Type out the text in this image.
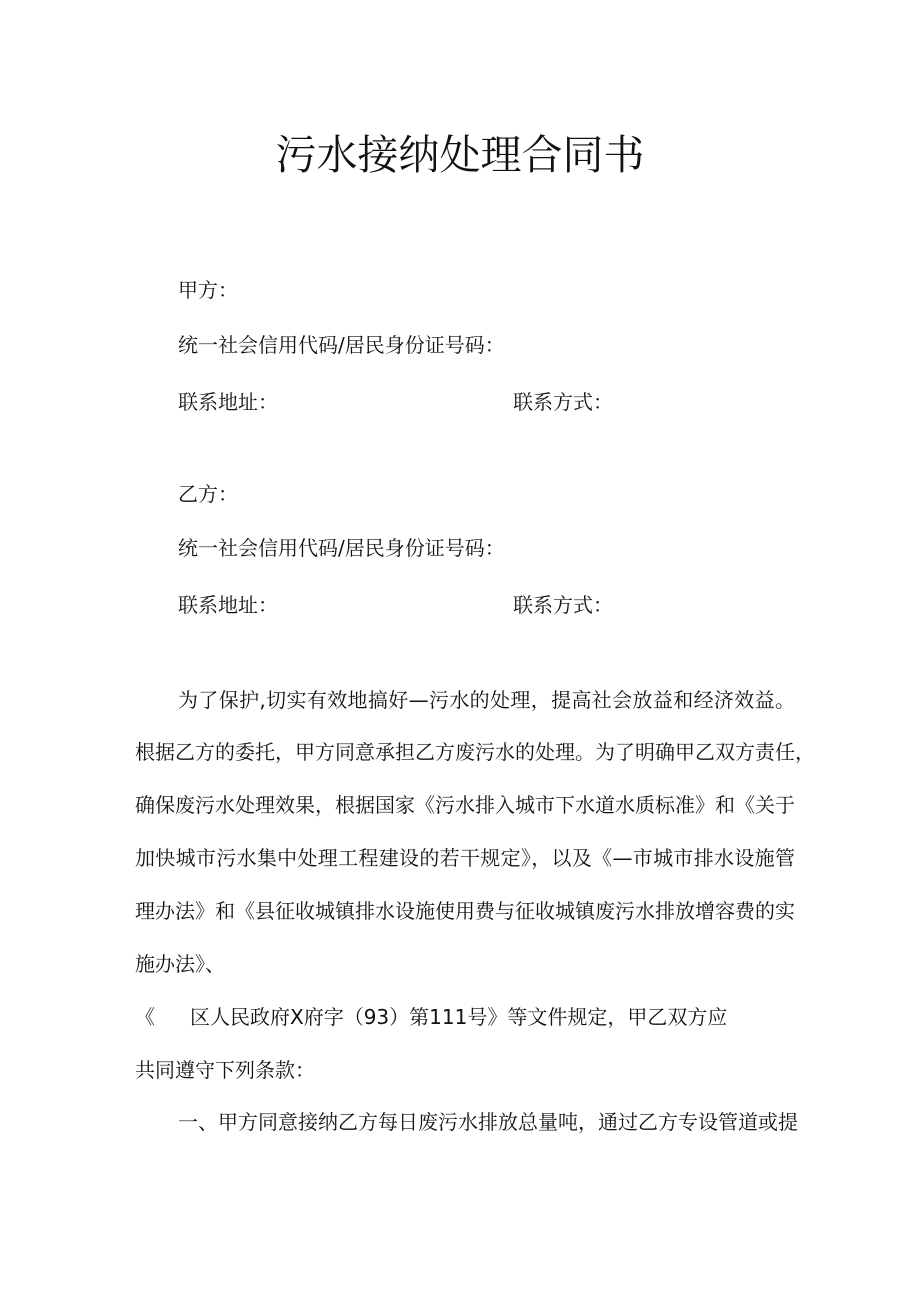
污水接纳处理合同书
甲方：
统一社会信用代码/居民身份证号码：
联系地址：	联系方式：
乙方：
统一社会信用代码/居民身份证号码：
联系地址：	联系方式：
为了保护,切实有效地搞好—污水的处理，提高社会放益和经济效益。
根据乙方的委托，甲方同意承担乙方废污水的处理。为了明确甲乙双方责任，
确保废污水处理效果，根据国家《污水排入城市下水道水质标准》和《关于
加快城市污水集中处理工程建设的若干规定》，以及《—市城市排水设施管
理办法》和《县征收城镇排水设施使用费与征收城镇废污水排放增容费的实
施办法》、
《 区人民政府X府字（93）第111号》等文件规定，甲乙双方应
共同遵守下列条款：
一、甲方同意接纳乙方每日废污水排放总量吨，通过乙方专设管道或提
